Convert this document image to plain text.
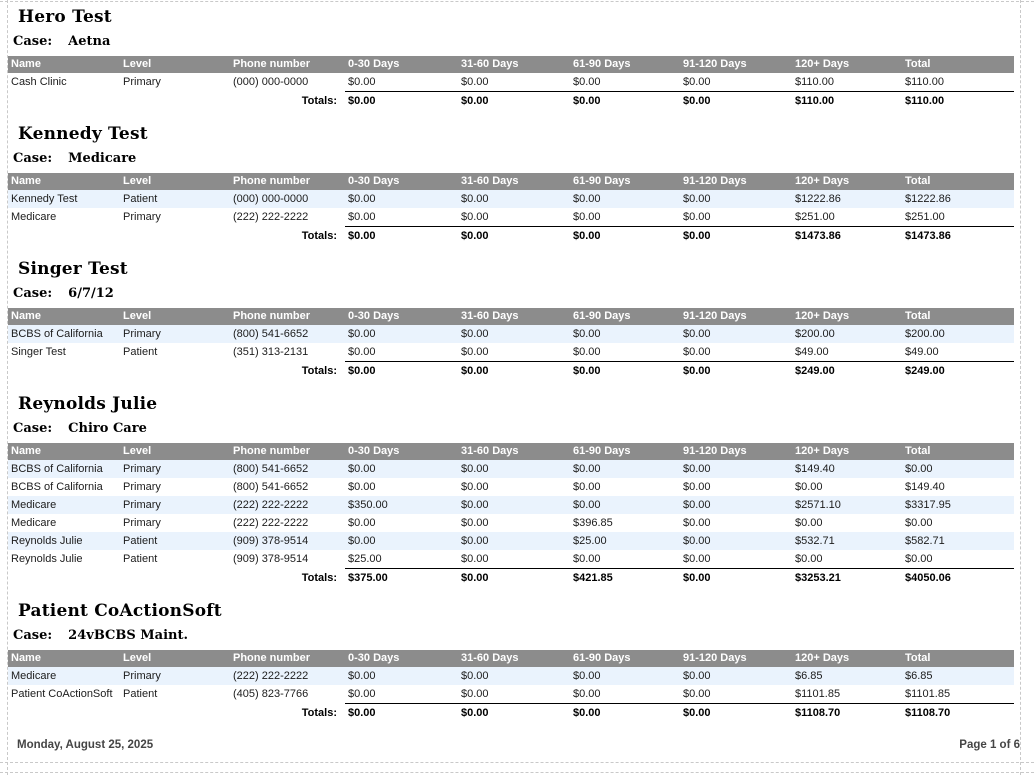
Hero Test
Case: Aetna
Name	Level	Phone number	0-30 Days	31-60 Days	61-90 Days	91-120 Days	120+ Days	Total
Cash Clinic	Primary	(000) 000-0000	$0.00	$0.00	$0.00	$0.00	$110.00	$110.00
Totals:			$0.00	$0.00	$0.00	$0.00	$110.00	$110.00
Kennedy Test
Case: Medicare
Name	Level	Phone number	0-30 Days	31-60 Days	61-90 Days	91-120 Days	120+ Days	Total
Kennedy Test	Patient	(000) 000-0000	$0.00	$0.00	$0.00	$0.00	$1222.86	$1222.86
Medicare	Primary	(222) 222-2222	$0.00	$0.00	$0.00	$0.00	$251.00	$251.00
Totals:			$0.00	$0.00	$0.00	$0.00	$1473.86	$1473.86
Singer Test
Case: 6/7/12
Name	Level	Phone number	0-30 Days	31-60 Days	61-90 Days	91-120 Days	120+ Days	Total
BCBS of California	Primary	(800) 541-6652	$0.00	$0.00	$0.00	$0.00	$200.00	$200.00
Singer Test	Patient	(351) 313-2131	$0.00	$0.00	$0.00	$0.00	$49.00	$49.00
Totals:			$0.00	$0.00	$0.00	$0.00	$249.00	$249.00
Reynolds Julie
Case: Chiro Care
Name	Level	Phone number	0-30 Days	31-60 Days	61-90 Days	91-120 Days	120+ Days	Total
BCBS of California	Primary	(800) 541-6652	$0.00	$0.00	$0.00	$0.00	$149.40	$0.00
BCBS of California	Primary	(800) 541-6652	$0.00	$0.00	$0.00	$0.00	$0.00	$149.40
Medicare	Primary	(222) 222-2222	$350.00	$0.00	$0.00	$0.00	$2571.10	$3317.95
Medicare	Primary	(222) 222-2222	$0.00	$0.00	$396.85	$0.00	$0.00	$0.00
Reynolds Julie	Patient	(909) 378-9514	$0.00	$0.00	$25.00	$0.00	$532.71	$582.71
Reynolds Julie	Patient	(909) 378-9514	$25.00	$0.00	$0.00	$0.00	$0.00	$0.00
Totals:			$375.00	$0.00	$421.85	$0.00	$3253.21	$4050.06
Patient CoActionSoft
Case: 24vBCBS Maint.
Name	Level	Phone number	0-30 Days	31-60 Days	61-90 Days	91-120 Days	120+ Days	Total
Medicare	Primary	(222) 222-2222	$0.00	$0.00	$0.00	$0.00	$6.85	$6.85
Patient CoActionSoft	Patient	(405) 823-7766	$0.00	$0.00	$0.00	$0.00	$1101.85	$1101.85
Totals:			$0.00	$0.00	$0.00	$0.00	$1108.70	$1108.70
Monday, August 25, 2025	Page 1 of 6
